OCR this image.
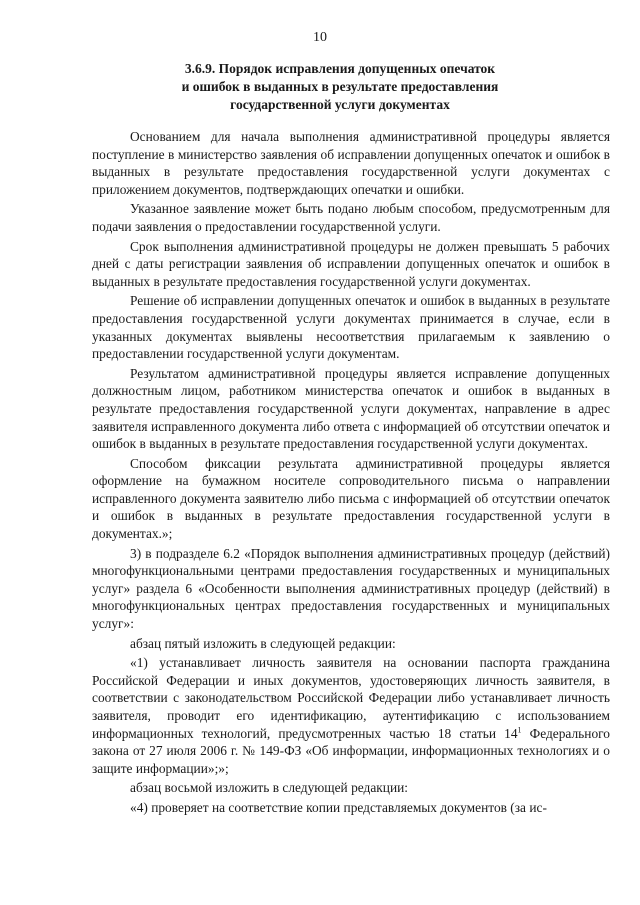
10
3.6.9. Порядок исправления допущенных опечаток
и ошибок в выданных в результате предоставления
государственной услуги документах

Основанием для начала выполнения административной процедуры является поступление в министерство заявления об исправлении допущенных опечаток и ошибок в выданных в результате предоставления государственной услуги документах с приложением документов, подтверждающих опечатки и ошибки.

Указанное заявление может быть подано любым способом, предусмотренным для подачи заявления о предоставлении государственной услуги.

Срок выполнения административной процедуры не должен превышать 5 рабочих дней с даты регистрации заявления об исправлении допущенных опечаток и ошибок в выданных в результате предоставления государственной услуги документах.

Решение об исправлении допущенных опечаток и ошибок в выданных в результате предоставления государственной услуги документах принимается в случае, если в указанных документах выявлены несоответствия прилагаемым к заявлению о предоставлении государственной услуги документам.

Результатом административной процедуры является исправление допущенных должностным лицом, работником министерства опечаток и ошибок в выданных в результате предоставления государственной услуги документах, направление в адрес заявителя исправленного документа либо ответа с информацией об отсутствии опечаток и ошибок в выданных в результате предоставления государственной услуги документах.

Способом фиксации результата административной процедуры является оформление на бумажном носителе сопроводительного письма о направлении исправленного документа заявителю либо письма с информацией об отсутствии опечаток и ошибок в выданных в результате предоставления государственной услуги в документах.»;

3) в подразделе 6.2 «Порядок выполнения административных процедур (действий) многофункциональными центрами предоставления государственных и муниципальных услуг» раздела 6 «Особенности выполнения административных процедур (действий) в многофункциональных центрах предоставления государственных и муниципальных услуг»:

абзац пятый изложить в следующей редакции:

«1) устанавливает личность заявителя на основании паспорта гражданина Российской Федерации и иных документов, удостоверяющих личность заявителя, в соответствии с законодательством Российской Федерации либо устанавливает личность заявителя, проводит его идентификацию, аутентификацию с использованием информационных технологий, предусмотренных частью 18 статьи $14^1$ Федерального закона от 27 июля 2006 г. № 149-ФЗ «Об информации, информационных технологиях и о защите информации»;»;

абзац восьмой изложить в следующей редакции:

«4) проверяет на соответствие копии представляемых документов (за ис-
